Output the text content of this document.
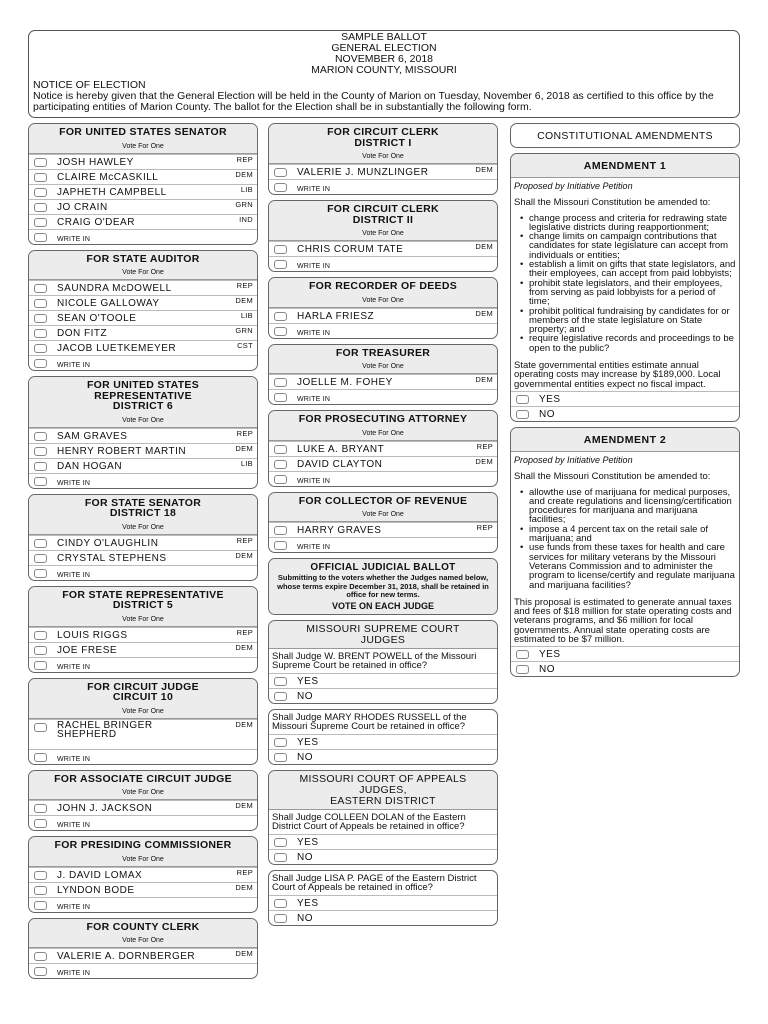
SAMPLE BALLOT
GENERAL ELECTION
NOVEMBER 6, 2018
MARION COUNTY, MISSOURI
NOTICE OF ELECTION
Notice is hereby given that the General Election will be held in the County of Marion on Tuesday, November 6, 2018 as certified to this office by the participating entities of Marion County. The ballot for the Election shall be in substantially the following form.
FOR UNITED STATES SENATOR
Vote For One
JOSH HAWLEY	REP
CLAIRE McCASKILL	DEM
JAPHETH CAMPBELL	LIB
JO CRAIN	GRN
CRAIG O'DEAR	IND
WRITE IN
FOR STATE AUDITOR
Vote For One
SAUNDRA McDOWELL	REP
NICOLE GALLOWAY	DEM
SEAN O'TOOLE	LIB
DON FITZ	GRN
JACOB LUETKEMEYER	CST
WRITE IN
FOR UNITED STATES
REPRESENTATIVE
DISTRICT 6
Vote For One
SAM GRAVES	REP
HENRY ROBERT MARTIN	DEM
DAN HOGAN	LIB
WRITE IN
FOR STATE SENATOR
DISTRICT 18
Vote For One
CINDY O'LAUGHLIN	REP
CRYSTAL STEPHENS	DEM
WRITE IN
FOR STATE REPRESENTATIVE
DISTRICT 5
Vote For One
LOUIS RIGGS	REP
JOE FRESE	DEM
WRITE IN
FOR CIRCUIT JUDGE
CIRCUIT 10
Vote For One
RACHEL BRINGER
SHEPHERD
DEM
WRITE IN
FOR ASSOCIATE CIRCUIT JUDGE
Vote For One
JOHN J. JACKSON	DEM
WRITE IN
FOR PRESIDING COMMISSIONER
Vote For One
J. DAVID LOMAX	REP
LYNDON BODE	DEM
WRITE IN
FOR COUNTY CLERK
Vote For One
VALERIE A. DORNBERGER	DEM
WRITE IN
FOR CIRCUIT CLERK
DISTRICT I
Vote For One
VALERIE J. MUNZLINGER	DEM
WRITE IN
FOR CIRCUIT CLERK
DISTRICT II
Vote For One
CHRIS CORUM TATE	DEM
WRITE IN
FOR RECORDER OF DEEDS
Vote For One
HARLA FRIESZ	DEM
WRITE IN
FOR TREASURER
Vote For One
JOELLE M. FOHEY	DEM
WRITE IN
FOR PROSECUTING ATTORNEY
Vote For One
LUKE A. BRYANT	REP
DAVID CLAYTON	DEM
WRITE IN
FOR COLLECTOR OF REVENUE
Vote For One
HARRY GRAVES	REP
WRITE IN
OFFICIAL JUDICIAL BALLOT
Submitting to the voters whether the Judges named below, whose terms expire December 31, 2018, shall be retained in office for new terms.
VOTE ON EACH JUDGE
MISSOURI SUPREME COURT
JUDGES
Shall Judge W. BRENT POWELL of the Missouri Supreme Court be retained in office?
YES
NO
Shall Judge MARY RHODES RUSSELL of the Missouri Supreme Court be retained in office?
YES
NO
MISSOURI COURT OF APPEALS
JUDGES,
EASTERN DISTRICT
Shall Judge COLLEEN DOLAN of the Eastern District Court of Appeals be retained in office?
YES
NO
Shall Judge LISA P. PAGE of the Eastern District Court of Appeals be retained in office?
YES
NO
CONSTITUTIONAL AMENDMENTS
AMENDMENT 1
Proposed by Initiative Petition
Shall the Missouri Constitution be amended to:
• change process and criteria for redrawing state legislative districts during reapportionment;
• change limits on campaign contributions that candidates for state legislature can accept from individuals or entities;
• establish a limit on gifts that state legislators, and their employees, can accept from paid lobbyists;
• prohibit state legislators, and their employees, from serving as paid lobbyists for a period of time;
• prohibit political fundraising by candidates for or members of the state legislature on State property; and
• require legislative records and proceedings to be open to the public?
State governmental entities estimate annual operating costs may increase by $189,000. Local governmental entities expect no fiscal impact.
YES
NO
AMENDMENT 2
Proposed by Initiative Petition
Shall the Missouri Constitution be amended to:
• allowthe use of marijuana for medical purposes, and create regulations and licensing/certification procedures for marijuana and marijuana facilities;
• impose a 4 percent tax on the retail sale of marijuana; and
• use funds from these taxes for health and care services for military veterans by the Missouri Veterans Commission and to administer the program to license/certify and regulate marijuana and marijuana facilities?
This proposal is estimated to generate annual taxes and fees of $18 million for state operating costs and veterans programs, and $6 million for local governments. Annual state operating costs are estimated to be $7 million.
YES
NO
